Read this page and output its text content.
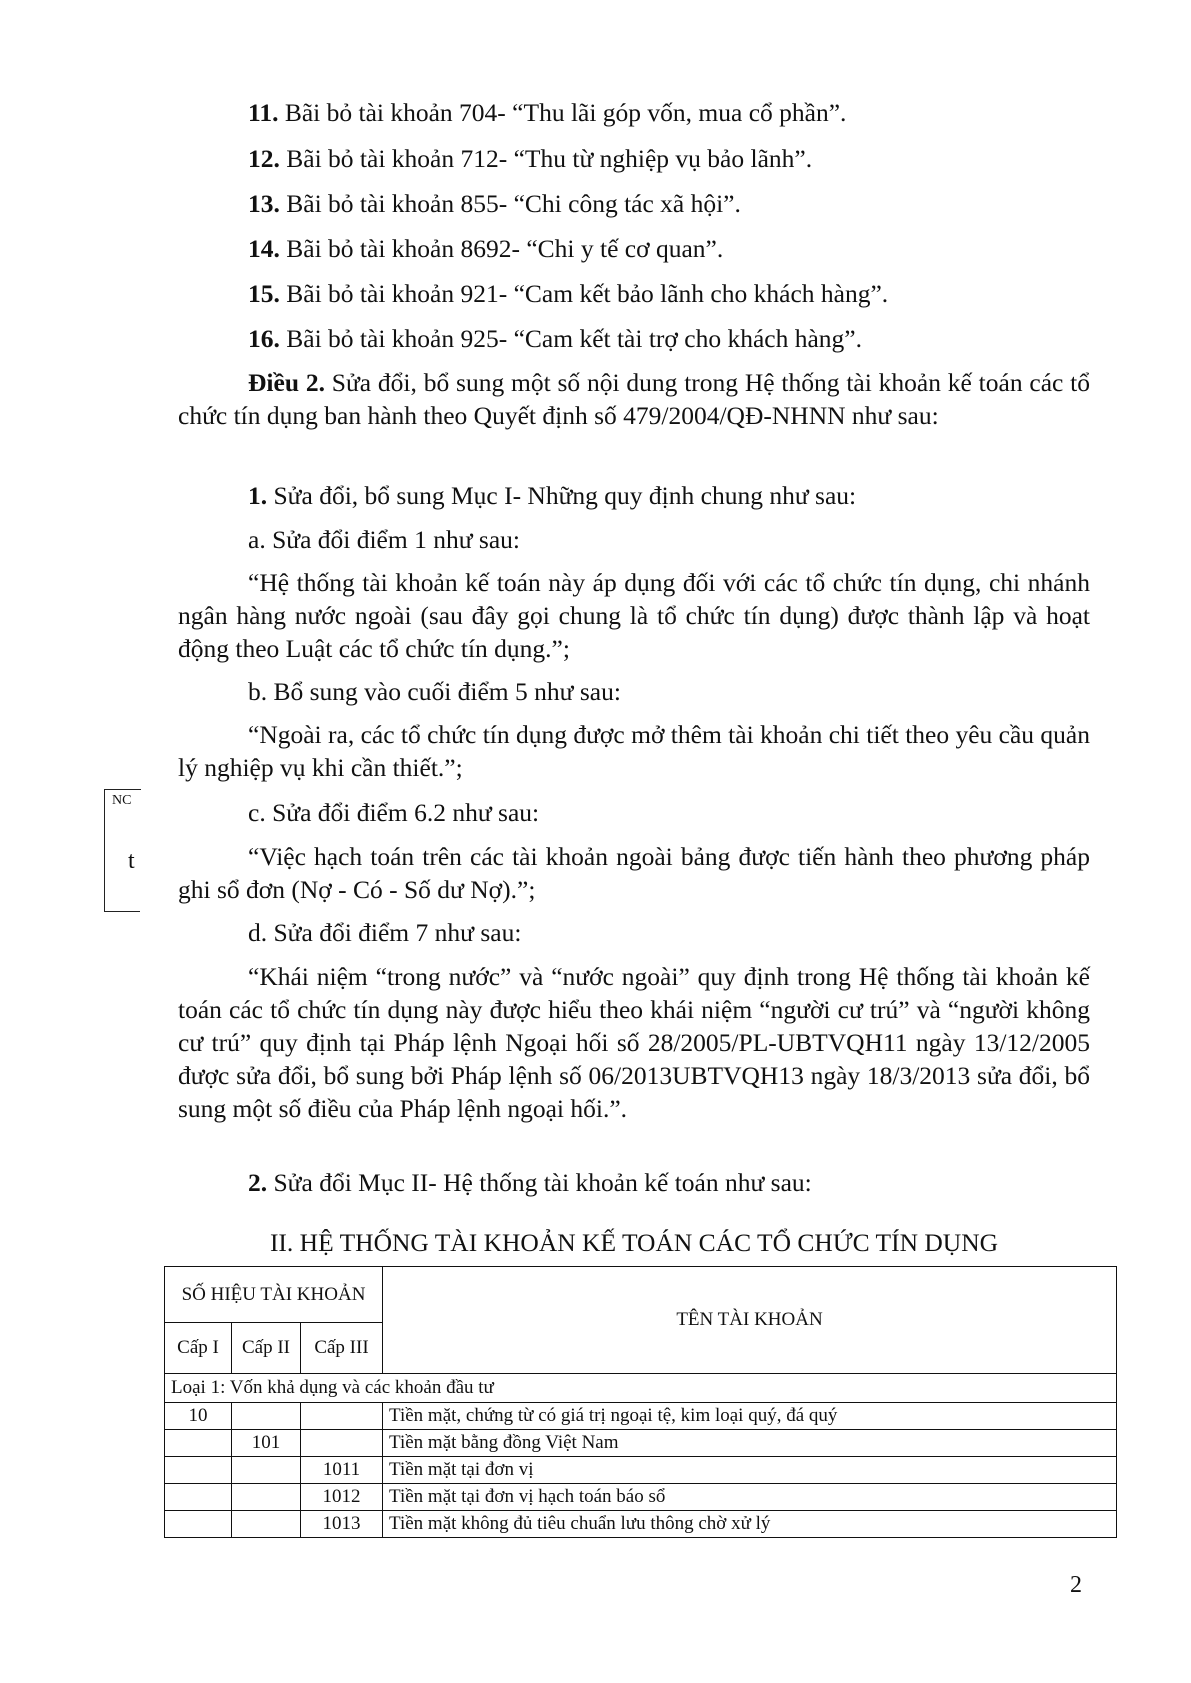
11. Bãi bỏ tài khoản 704- “Thu lãi góp vốn, mua cổ phần”.
12. Bãi bỏ tài khoản 712- “Thu từ nghiệp vụ bảo lãnh”.
13. Bãi bỏ tài khoản 855- “Chi công tác xã hội”.
14. Bãi bỏ tài khoản 8692- “Chi y tế cơ quan”.
15. Bãi bỏ tài khoản 921- “Cam kết bảo lãnh cho khách hàng”.
16. Bãi bỏ tài khoản 925- “Cam kết tài trợ cho khách hàng”.
Điều 2. Sửa đổi, bổ sung một số nội dung trong Hệ thống tài khoản kế toán các tổ chức tín dụng ban hành theo Quyết định số 479/2004/QĐ-NHNN như sau:
1. Sửa đổi, bổ sung Mục I- Những quy định chung như sau:
a. Sửa đổi điểm 1 như sau:
“Hệ thống tài khoản kế toán này áp dụng đối với các tổ chức tín dụng, chi nhánh ngân hàng nước ngoài (sau đây gọi chung là tổ chức tín dụng) được thành lập và hoạt động theo Luật các tổ chức tín dụng.”;
b. Bổ sung vào cuối điểm 5 như sau:
“Ngoài ra, các tổ chức tín dụng được mở thêm tài khoản chi tiết theo yêu cầu quản lý nghiệp vụ khi cần thiết.”;
c. Sửa đổi điểm 6.2 như sau:
“Việc hạch toán trên các tài khoản ngoài bảng được tiến hành theo phương pháp ghi sổ đơn (Nợ - Có - Số dư Nợ).”;
d. Sửa đổi điểm 7 như sau:
“Khái niệm “trong nước” và “nước ngoài” quy định trong Hệ thống tài khoản kế toán các tổ chức tín dụng này được hiểu theo khái niệm “người cư trú” và “người không cư trú” quy định tại Pháp lệnh Ngoại hối số 28/2005/PL-UBTVQH11 ngày 13/12/2005 được sửa đổi, bổ sung bởi Pháp lệnh số 06/2013UBTVQH13 ngày 18/3/2013 sửa đổi, bổ sung một số điều của Pháp lệnh ngoại hối.”.
2. Sửa đổi Mục II- Hệ thống tài khoản kế toán như sau:
II. HỆ THỐNG TÀI KHOẢN KẾ TOÁN CÁC TỔ CHỨC TÍN DỤNG
SỐ HIỆU TÀI KHOẢN			TÊN TÀI KHOẢN
Cấp I	Cấp II	Cấp III	
Loại 1: Vốn khả dụng và các khoản đầu tư			
10			Tiền mặt, chứng từ có giá trị ngoại tệ, kim loại quý, đá quý
	101		Tiền mặt bằng đồng Việt Nam
		1011	Tiền mặt tại đơn vị
		1012	Tiền mặt tại đơn vị hạch toán báo sổ
		1013	Tiền mặt không đủ tiêu chuẩn lưu thông chờ xử lý
NC
t
2
